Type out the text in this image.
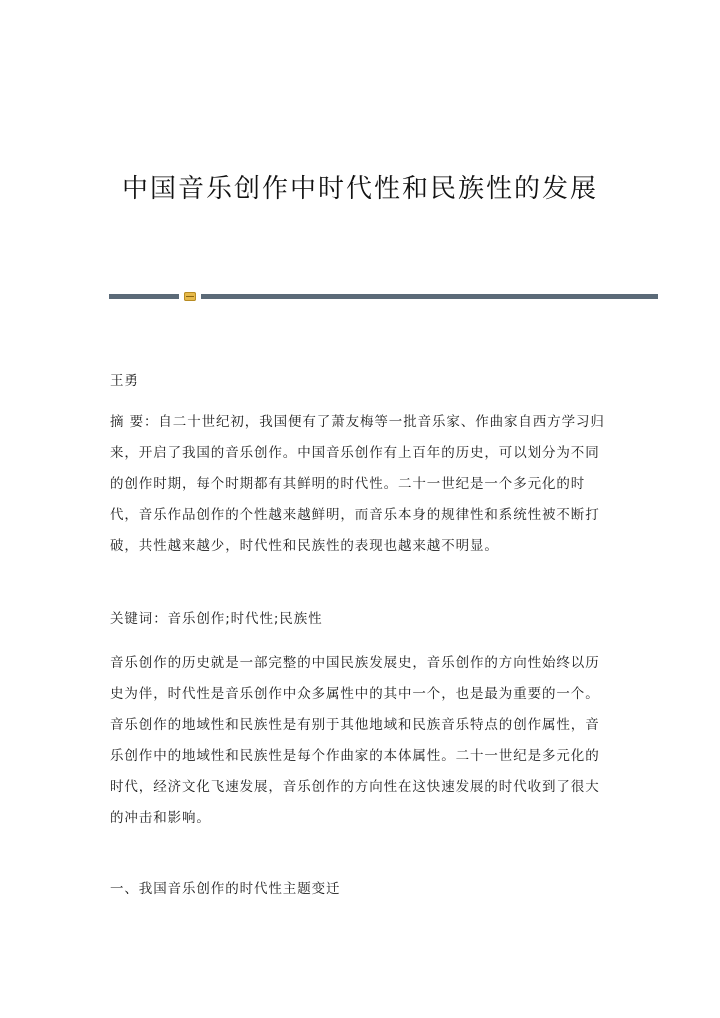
中国音乐创作中时代性和民族性的发展
王勇
摘 要：自二十世纪初，我国便有了萧友梅等一批音乐家、作曲家自西方学习归
来，开启了我国的音乐创作。中国音乐创作有上百年的历史，可以划分为不同
的创作时期，每个时期都有其鲜明的时代性。二十一世纪是一个多元化的时
代，音乐作品创作的个性越来越鲜明，而音乐本身的规律性和系统性被不断打
破，共性越来越少，时代性和民族性的表现也越来越不明显。
关键词：音乐创作;时代性;民族性
音乐创作的历史就是一部完整的中国民族发展史，音乐创作的方向性始终以历
史为伴，时代性是音乐创作中众多属性中的其中一个，也是最为重要的一个。
音乐创作的地域性和民族性是有别于其他地域和民族音乐特点的创作属性，音
乐创作中的地域性和民族性是每个作曲家的本体属性。二十一世纪是多元化的
时代，经济文化飞速发展，音乐创作的方向性在这快速发展的时代收到了很大
的冲击和影响。
一、我国音乐创作的时代性主题变迁
